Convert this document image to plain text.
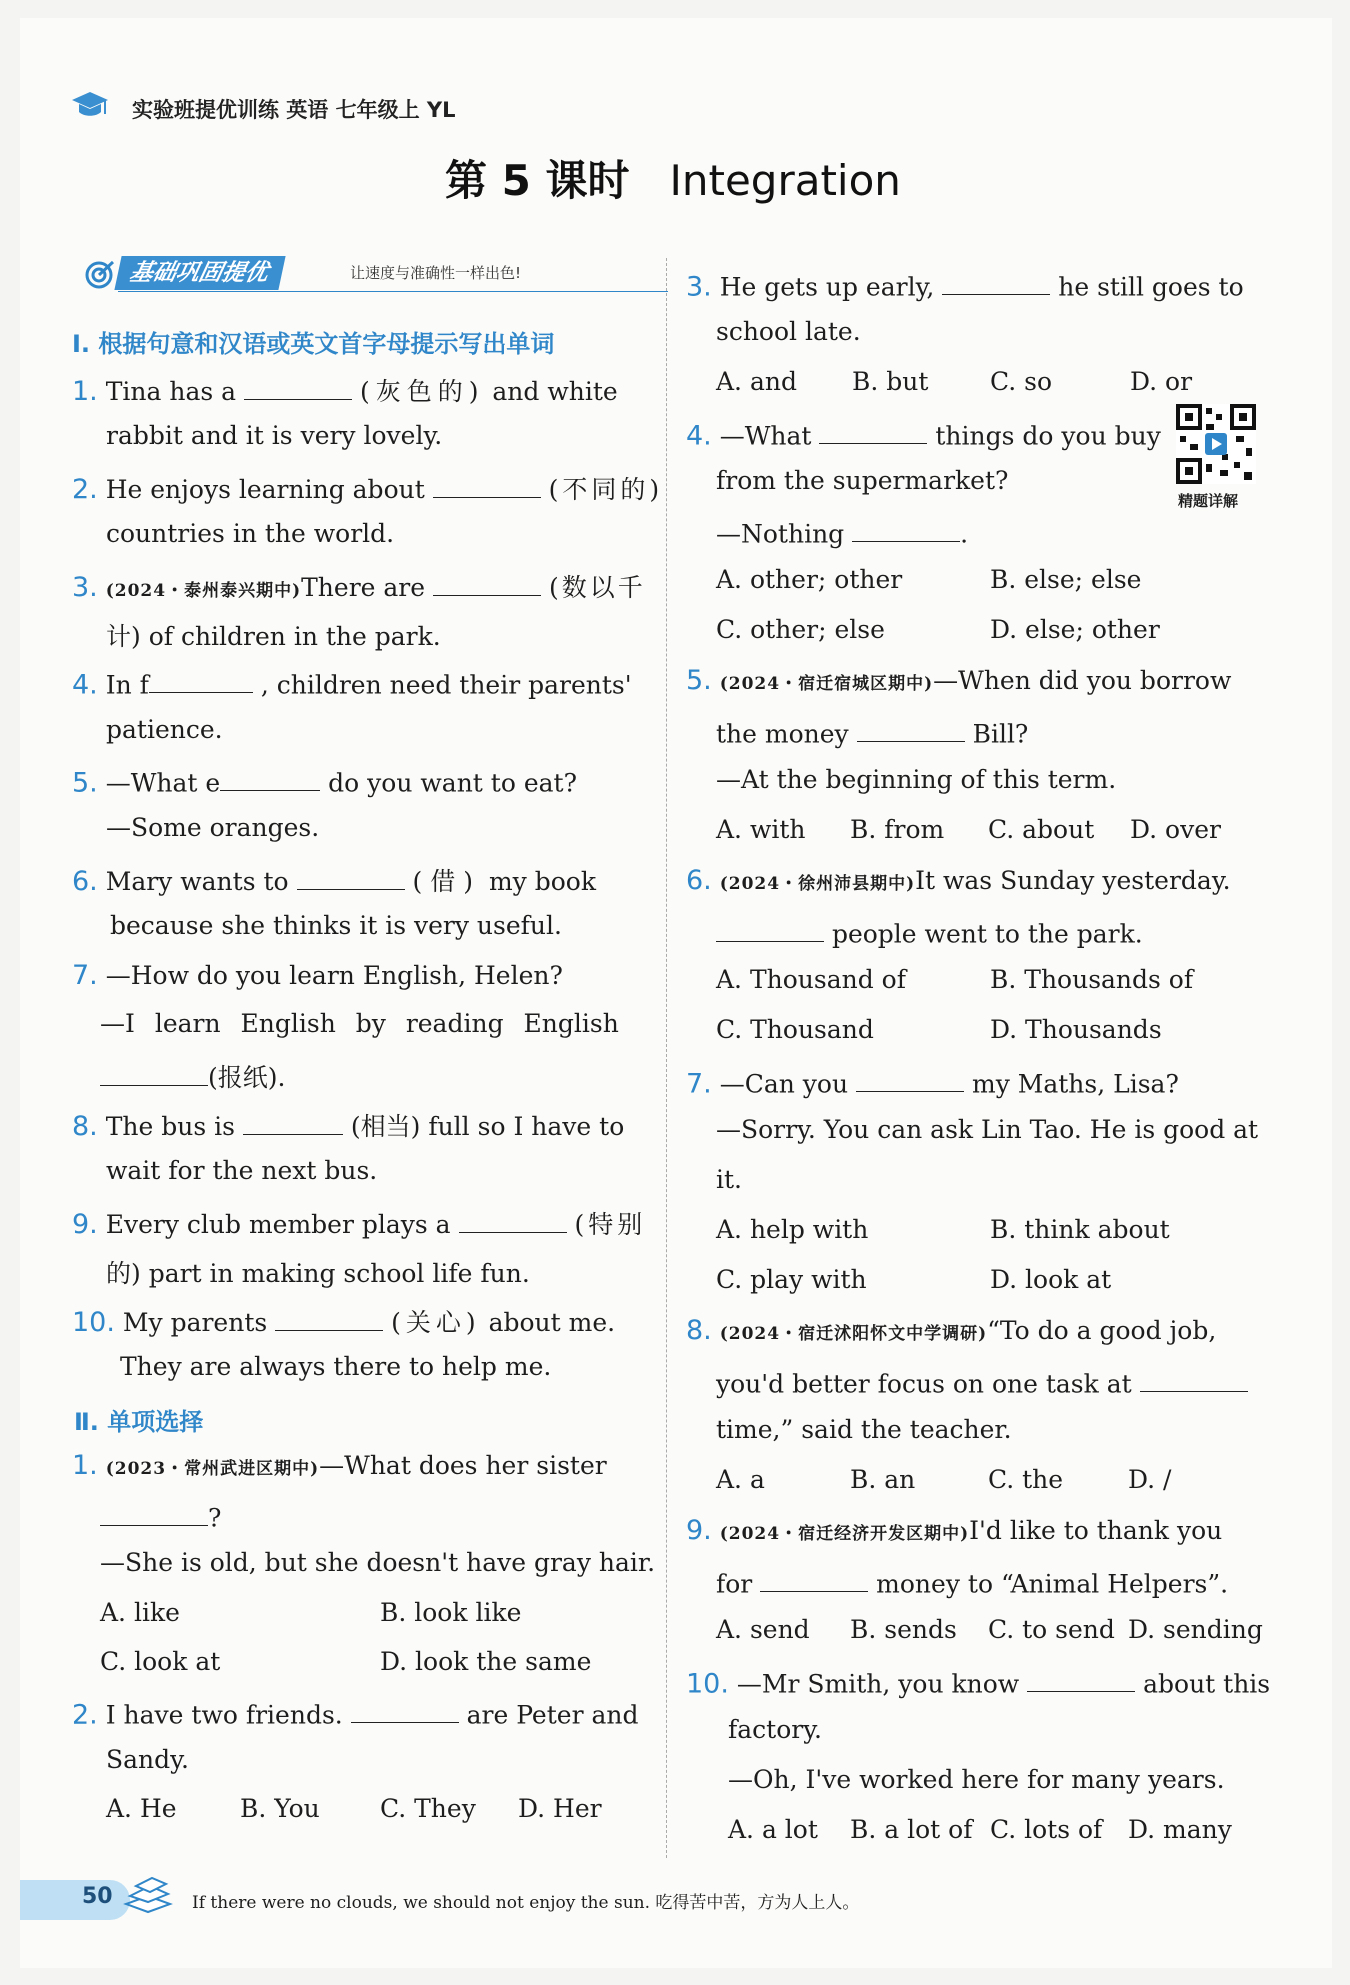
实验班提优训练 英语 七年级上 YL
第 5 课时 Integration
基础巩固提优	让速度与准确性一样出色!
Ⅰ. 根据句意和汉语或英文首字母提示写出单词
1. Tina has a	(灰色的) and white
rabbit and it is very lovely.
2. He enjoys learning about	(不同的)
countries in the world.
3. (2024・泰州泰兴期中)There are	(数以千
计) of children in the park.
4. In f	, children need their parents'
patience.
5. —What e	do you want to eat?
—Some oranges.
6. Mary wants to	(借) my book
because she thinks it is very useful.
7. —How do you learn English, Helen?
—I learn English by reading English
(报纸).
8. The bus is	(相当) full so I have to
wait for the next bus.
9. Every club member plays a	(特别
的) part in making school life fun.
10. My parents	(关心) about me.
They are always there to help me.
Ⅱ. 单项选择
1. (2023・常州武进区期中)—What does her sister
?
—She is old, but she doesn't have gray hair.
A. like	B. look like
C. look at	D. look the same
2. I have two friends.	are Peter and
Sandy.
A. He	B. You C. They D. Her
3. He gets up early,	he still goes to
school late.
A. and B. but C. so	D. or
4. —What	things do you buy
from the supermarket?
—Nothing	.
精题详解
A. other; other	B. else; else
C. other; else	D. else; other
5. (2024・宿迁宿城区期中)—When did you borrow
the money	Bill?
—At the beginning of this term.
A. with B. from C. about D. over
6. (2024・徐州沛县期中)It was Sunday yesterday.
people went to the park.
A. Thousand of	B. Thousands of
C. Thousand	D. Thousands
7. —Can you	my Maths, Lisa?
—Sorry. You can ask Lin Tao. He is good at
it.
A. help with	B. think about
C. play with	D. look at
8. (2024・宿迁沭阳怀文中学调研)“To do a good job,
you'd better focus on one task at
time,” said the teacher.
A. a	B. an	C. the	D. /
9. (2024・宿迁经济开发区期中)I'd like to thank you
for	money to “Animal Helpers”.
A. send B. sends C. to send D. sending
10. —Mr Smith, you know	about this
factory.
—Oh, I've worked here for many years.
A. a lot B. a lot of C. lots of D. many
50	If there were no clouds, we should not enjoy the sun. 吃得苦中苦，方为人上人。
